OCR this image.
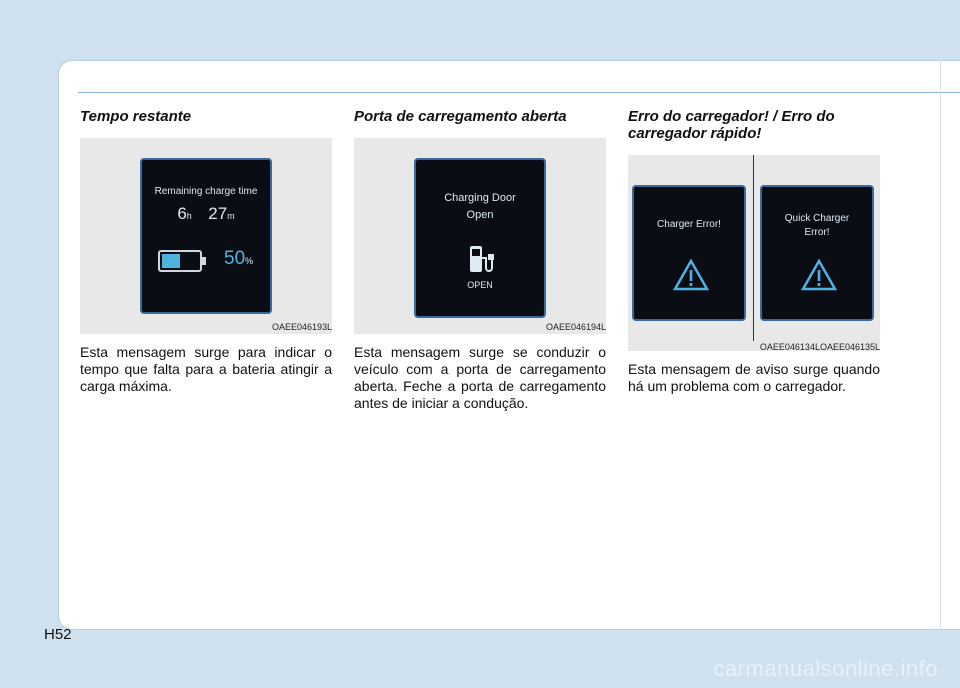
Tempo restante
Remaining charge time
6h 27m
50%
OAEE046193L
Esta mensagem surge para indicar o tempo que falta para a bateria atingir a carga máxima.
Porta de carregamento aberta
Charging Door
Open
OPEN
OAEE046194L
Esta mensagem surge se conduzir o veículo com a porta de carregamento aberta. Feche a porta de carregamento antes de iniciar a condução.
Erro do carregador! / Erro do carregador rápido!
Charger Error!
Quick Charger
Error!
OAEE046134LOAEE046135L
Esta mensagem de aviso surge quando há um problema com o carregador.
H52
carmanualsonline.info
